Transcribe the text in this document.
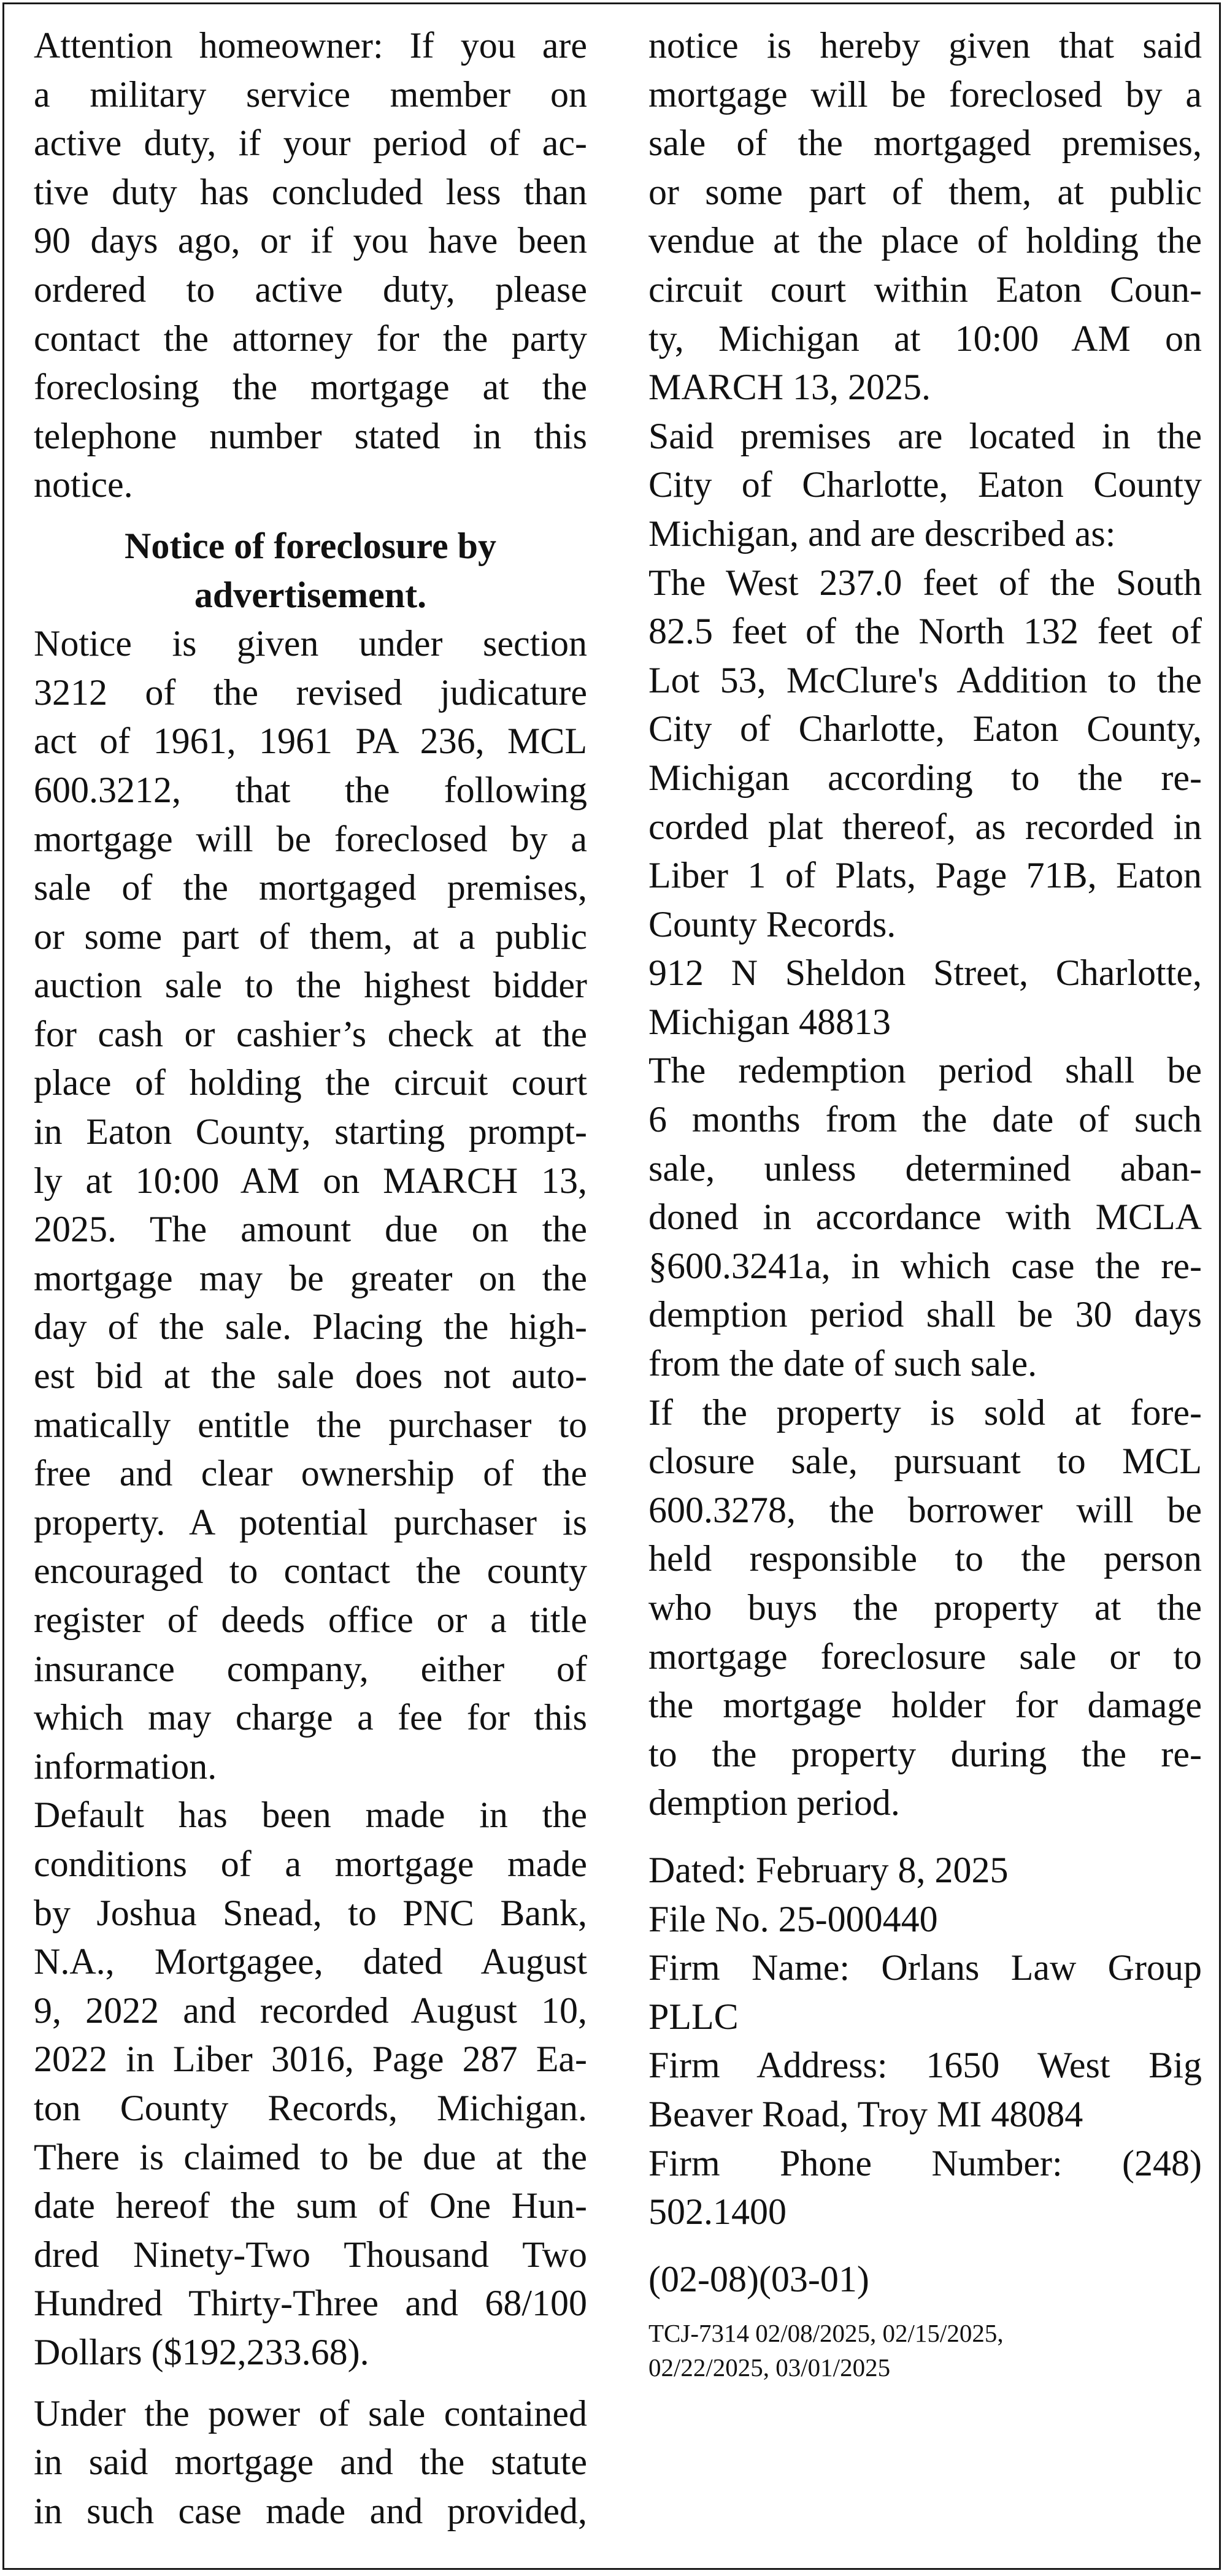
Attention homeowner: If you are
a military service member on
active duty, if your period of ac-
tive duty has concluded less than
90 days ago, or if you have been
ordered to active duty, please
contact the attorney for the party
foreclosing the mortgage at the
telephone number stated in this
notice.
Notice of foreclosure by
advertisement.
Notice is given under section
3212 of the revised judicature
act of 1961, 1961 PA 236, MCL
600.3212, that the following
mortgage will be foreclosed by a
sale of the mortgaged premises,
or some part of them, at a public
auction sale to the highest bidder
for cash or cashier’s check at the
place of holding the circuit court
in Eaton County, starting prompt-
ly at 10:00 AM on MARCH 13,
2025. The amount due on the
mortgage may be greater on the
day of the sale. Placing the high-
est bid at the sale does not auto-
matically entitle the purchaser to
free and clear ownership of the
property. A potential purchaser is
encouraged to contact the county
register of deeds office or a title
insurance company, either of
which may charge a fee for this
information.
Default has been made in the
conditions of a mortgage made
by Joshua Snead, to PNC Bank,
N.A., Mortgagee, dated August
9, 2022 and recorded August 10,
2022 in Liber 3016, Page 287 Ea-
ton County Records, Michigan.
There is claimed to be due at the
date hereof the sum of One Hun-
dred Ninety-Two Thousand Two
Hundred Thirty-Three and 68/100
Dollars ($192,233.68).
Under the power of sale contained
in said mortgage and the statute
in such case made and provided,
notice is hereby given that said
mortgage will be foreclosed by a
sale of the mortgaged premises,
or some part of them, at public
vendue at the place of holding the
circuit court within Eaton Coun-
ty, Michigan at 10:00 AM on
MARCH 13, 2025.
Said premises are located in the
City of Charlotte, Eaton County
Michigan, and are described as:
The West 237.0 feet of the South
82.5 feet of the North 132 feet of
Lot 53, McClure's Addition to the
City of Charlotte, Eaton County,
Michigan according to the re-
corded plat thereof, as recorded in
Liber 1 of Plats, Page 71B, Eaton
County Records.
912 N Sheldon Street, Charlotte,
Michigan 48813
The redemption period shall be
6 months from the date of such
sale, unless determined aban-
doned in accordance with MCLA
§600.3241a, in which case the re-
demption period shall be 30 days
from the date of such sale.
If the property is sold at fore-
closure sale, pursuant to MCL
600.3278, the borrower will be
held responsible to the person
who buys the property at the
mortgage foreclosure sale or to
the mortgage holder for damage
to the property during the re-
demption period.
Dated: February 8, 2025
File No. 25-000440
Firm Name: Orlans Law Group
PLLC
Firm Address: 1650 West Big
Beaver Road, Troy MI 48084
Firm Phone Number: (248)
502.1400
(02-08)(03-01)
TCJ-7314 02/08/2025, 02/15/2025,
02/22/2025, 03/01/2025
